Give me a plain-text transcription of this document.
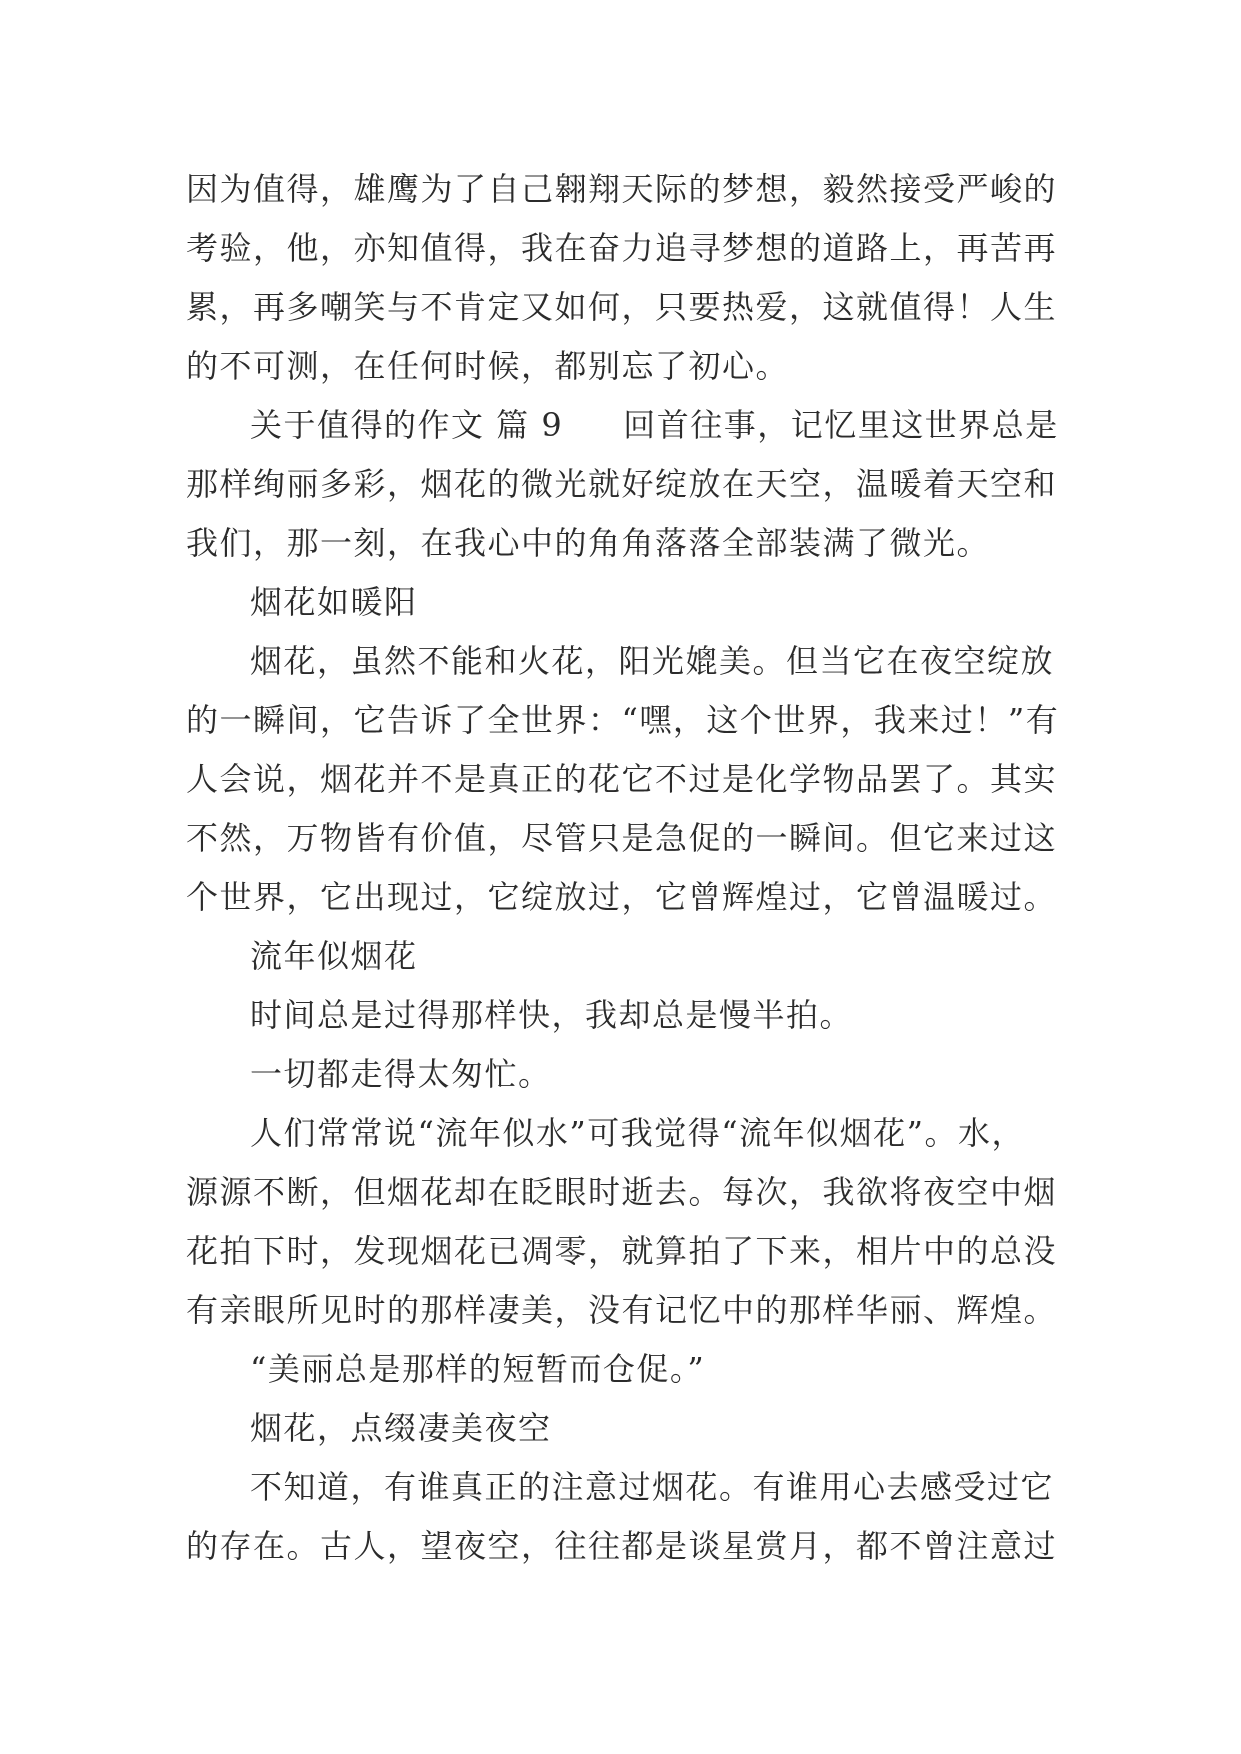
因为值得，雄鹰为了自己翱翔天际的梦想，毅然接受严峻的
考验，他，亦知值得，我在奋力追寻梦想的道路上，再苦再
累，再多嘲笑与不肯定又如何，只要热爱，这就值得！人生
的不可测，在任何时候，都别忘了初心。
关于值得的作文 篇 9 回首往事，记忆里这世界总是
那样绚丽多彩，烟花的微光就好绽放在天空，温暖着天空和
我们，那一刻，在我心中的角角落落全部装满了微光。
烟花如暖阳
烟花，虽然不能和火花，阳光媲美。但当它在夜空绽放
的一瞬间，它告诉了全世界：“嘿，这个世界，我来过！”有
人会说，烟花并不是真正的花它不过是化学物品罢了。其实
不然，万物皆有价值，尽管只是急促的一瞬间。但它来过这
个世界，它出现过，它绽放过，它曾辉煌过，它曾温暖过。
流年似烟花
时间总是过得那样快，我却总是慢半拍。
一切都走得太匆忙。
人们常常说“流年似水”可我觉得“流年似烟花”。水，
源源不断，但烟花却在眨眼时逝去。每次，我欲将夜空中烟
花拍下时，发现烟花已凋零，就算拍了下来，相片中的总没
有亲眼所见时的那样凄美，没有记忆中的那样华丽、辉煌。
“美丽总是那样的短暂而仓促。”
烟花，点缀凄美夜空
不知道，有谁真正的注意过烟花。有谁用心去感受过它
的存在。古人，望夜空，往往都是谈星赏月，都不曾注意过
